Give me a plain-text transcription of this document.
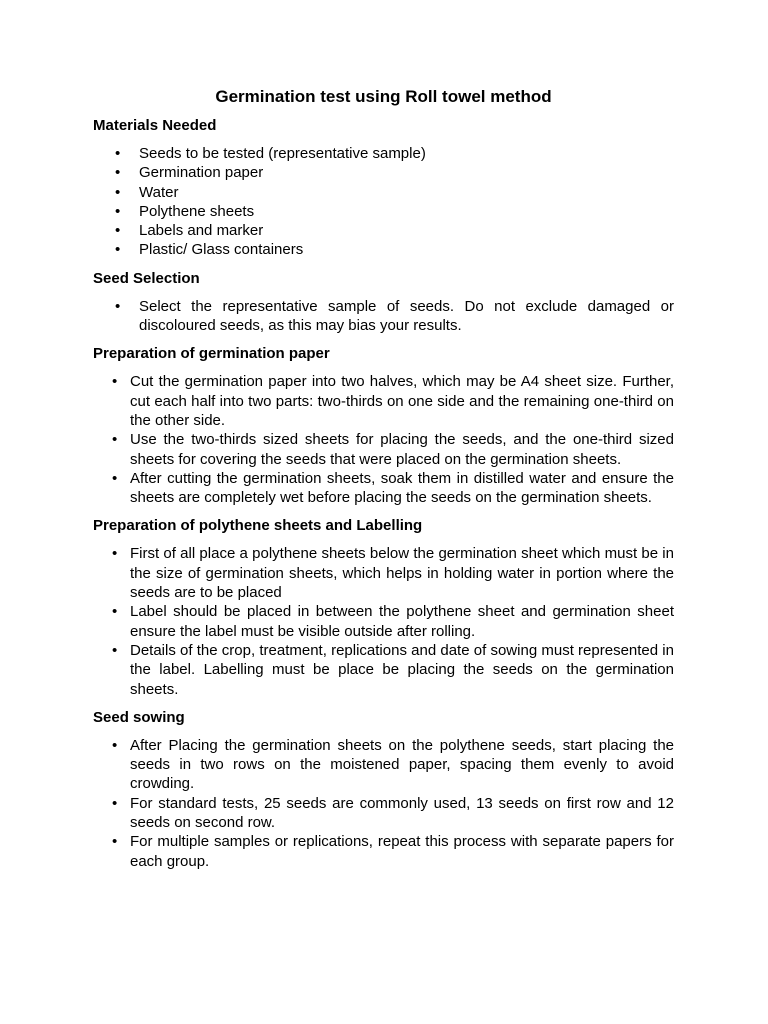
Germination test using Roll towel method
Materials Needed
• Seeds to be tested (representative sample)
• Germination paper
• Water
• Polythene sheets
• Labels and marker
• Plastic/ Glass containers
Seed Selection
• Select the representative sample of seeds. Do not exclude damaged or discoloured seeds, as this may bias your results.
Preparation of germination paper
• Cut the germination paper into two halves, which may be A4 sheet size. Further, cut each half into two parts: two-thirds on one side and the remaining one-third on the other side.
• Use the two-thirds sized sheets for placing the seeds, and the one-third sized sheets for covering the seeds that were placed on the germination sheets.
• After cutting the germination sheets, soak them in distilled water and ensure the sheets are completely wet before placing the seeds on the germination sheets.
Preparation of polythene sheets and Labelling
• First of all place a polythene sheets below the germination sheet which must be in the size of germination sheets, which helps in holding water in portion where the seeds are to be placed
• Label should be placed in between the polythene sheet and germination sheet ensure the label must be visible outside after rolling.
• Details of the crop, treatment, replications and date of sowing must represented in the label. Labelling must be place be placing the seeds on the germination sheets.
Seed sowing
• After Placing the germination sheets on the polythene seeds, start placing the seeds in two rows on the moistened paper, spacing them evenly to avoid crowding.
• For standard tests, 25 seeds are commonly used, 13 seeds on first row and 12 seeds on second row.
• For multiple samples or replications, repeat this process with separate papers for each group.
